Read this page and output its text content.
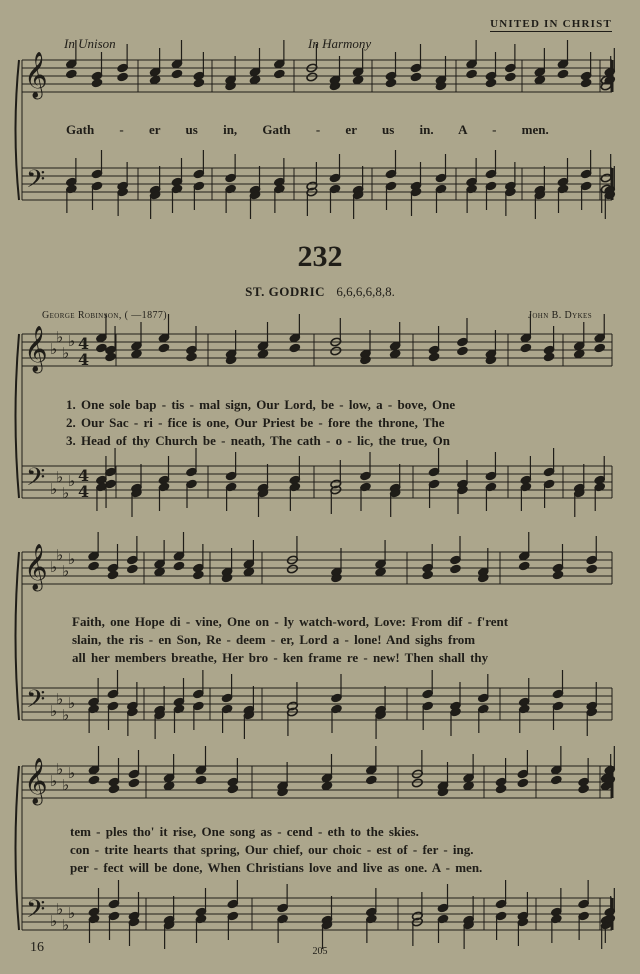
UNITED IN CHRIST
𝄞
𝄢
𝄞
𝄢
♭
♭
♭
♭
♭
♭
♭
♭
4
4
4
4
𝄞
𝄢
♭
♭
♭
♭
♭
♭
♭
♭
𝄞
𝄢
♭
♭
♭
♭
♭
♭
♭
♭
In Unison	In Harmony
Gath - er us in, Gath - er us in. A - men.
232
ST. GODRIC 6,6,6,6,8,8.
George Robinson, ( —1877)	John B. Dykes
1. One sole bap - tis - mal sign, Our Lord, be - low, a - bove, One
2. Our Sac - ri - fice is one, Our Priest be - fore the throne, The
3. Head of thy Church be - neath, The cath - o - lic, the true, On
Faith, one Hope di - vine, One on - ly watch-word, Love: From dif - f'rent
slain, the ris - en Son, Re - deem - er, Lord a - lone! And sighs from
all her members breathe, Her bro - ken frame re - new! Then shall thy
tem - ples tho' it rise, One song as - cend - eth to the skies.
con - trite hearts that spring, Our chief, our choic - est of - fer - ing.
per - fect will be done, When Christians love and live as one. A - men.
16	205
